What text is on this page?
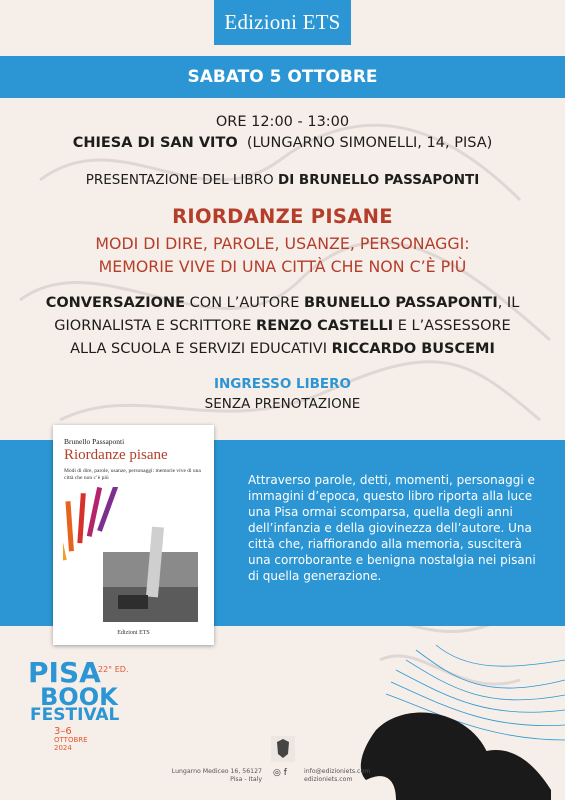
Edizioni ETS
SABATO 5 OTTOBRE
ORE 12:00 - 13:00
CHIESA DI SAN VITO (LUNGARNO SIMONELLI, 14, PISA)
PRESENTAZIONE DEL LIBRO DI BRUNELLO PASSAPONTI
RIORDANZE PISANE
MODI DI DIRE, PAROLE, USANZE, PERSONAGGI:
MEMORIE VIVE DI UNA CITTÀ CHE NON C’È PIÙ
CONVERSAZIONE CON L’AUTORE BRUNELLO PASSAPONTI, IL
GIORNALISTA E SCRITTORE RENZO CASTELLI E L’ASSESSORE
ALLA SCUOLA E SERVIZI EDUCATIVI RICCARDO BUSCEMI
INGRESSO LIBERO
SENZA PRENOTAZIONE
Attraverso parole, detti, momenti, personaggi e immagini d’epoca, questo libro riporta alla luce una Pisa ormai scomparsa, quella degli anni dell’infanzia e della giovinezza dell’autore. Una città che, riaffiorando alla memoria, susciterà una corroborante e benigna nostalgia nei pisani di quella generazione.
Brunello Passaponti
Riordanze pisane
Modi di dire, parole, usanze, personaggi: memorie vive di una città che non c’è più
Edizioni ETS
PISA
BOOK
FESTIVAL
22° ED.
3–6
OTTOBRE
2024
Lungarno Mediceo 16, 56127
Pisa - Italy
◎ f	info@edizioniets.com
edizioniets.com
